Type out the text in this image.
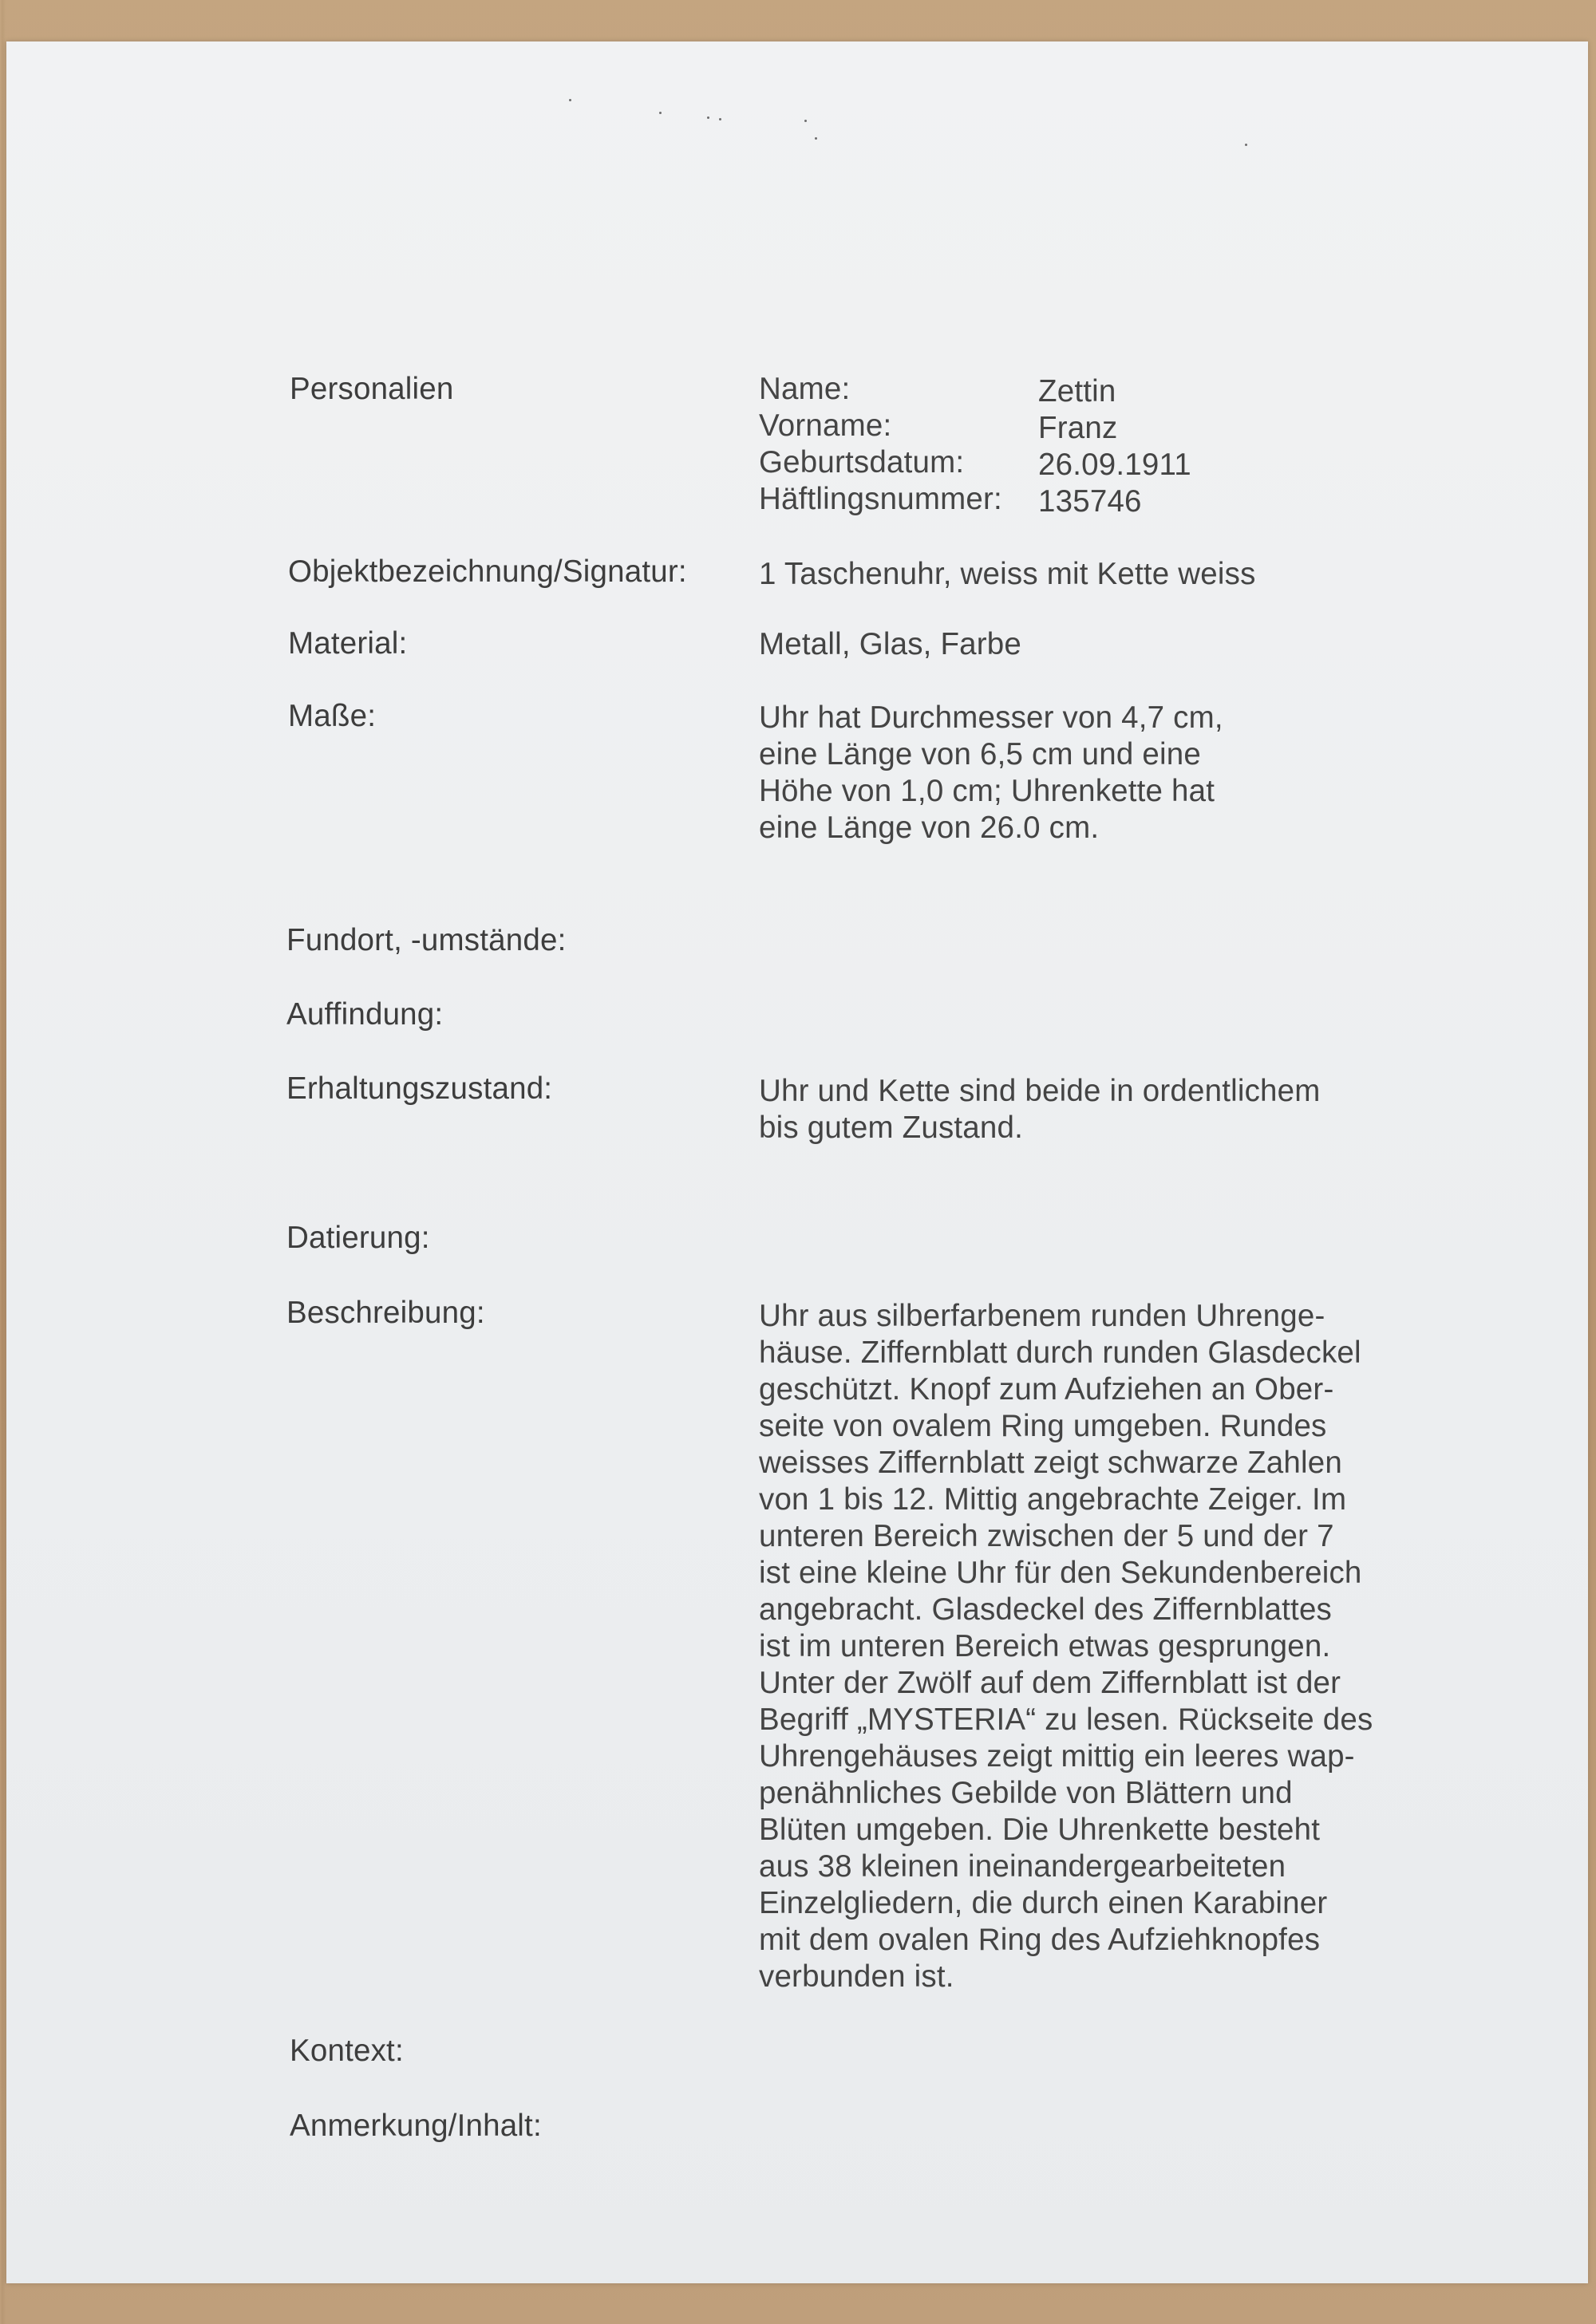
Personalien	Name:	Zettin
Vorname:	Franz
Geburtsdatum: 26.09.1911
Häftlingsnummer: 135746
Objektbezeichnung/Signatur: 1 Taschenuhr, weiss mit Kette weiss
Material:	Metall, Glas, Farbe
Maße:	Uhr hat Durchmesser von 4,7 cm,
eine Länge von 6,5 cm und eine
Höhe von 1,0 cm; Uhrenkette hat
eine Länge von 26.0 cm.
Fundort, -umstände:
Auffindung:
Erhaltungszustand:	Uhr und Kette sind beide in ordentlichem
bis gutem Zustand.
Datierung:
Beschreibung:	Uhr aus silberfarbenem runden Uhrenge-
häuse. Ziffernblatt durch runden Glasdeckel
geschützt. Knopf zum Aufziehen an Ober-
seite von ovalem Ring umgeben. Rundes
weisses Ziffernblatt zeigt schwarze Zahlen
von 1 bis 12. Mittig angebrachte Zeiger. Im
unteren Bereich zwischen der 5 und der 7
ist eine kleine Uhr für den Sekundenbereich
angebracht. Glasdeckel des Ziffernblattes
ist im unteren Bereich etwas gesprungen.
Unter der Zwölf auf dem Ziffernblatt ist der
Begriff „MYSTERIA“ zu lesen. Rückseite des
Uhrengehäuses zeigt mittig ein leeres wap-
penähnliches Gebilde von Blättern und
Blüten umgeben. Die Uhrenkette besteht
aus 38 kleinen ineinandergearbeiteten
Einzelgliedern, die durch einen Karabiner
mit dem ovalen Ring des Aufziehknopfes
verbunden ist.
Kontext:
Anmerkung/Inhalt:
